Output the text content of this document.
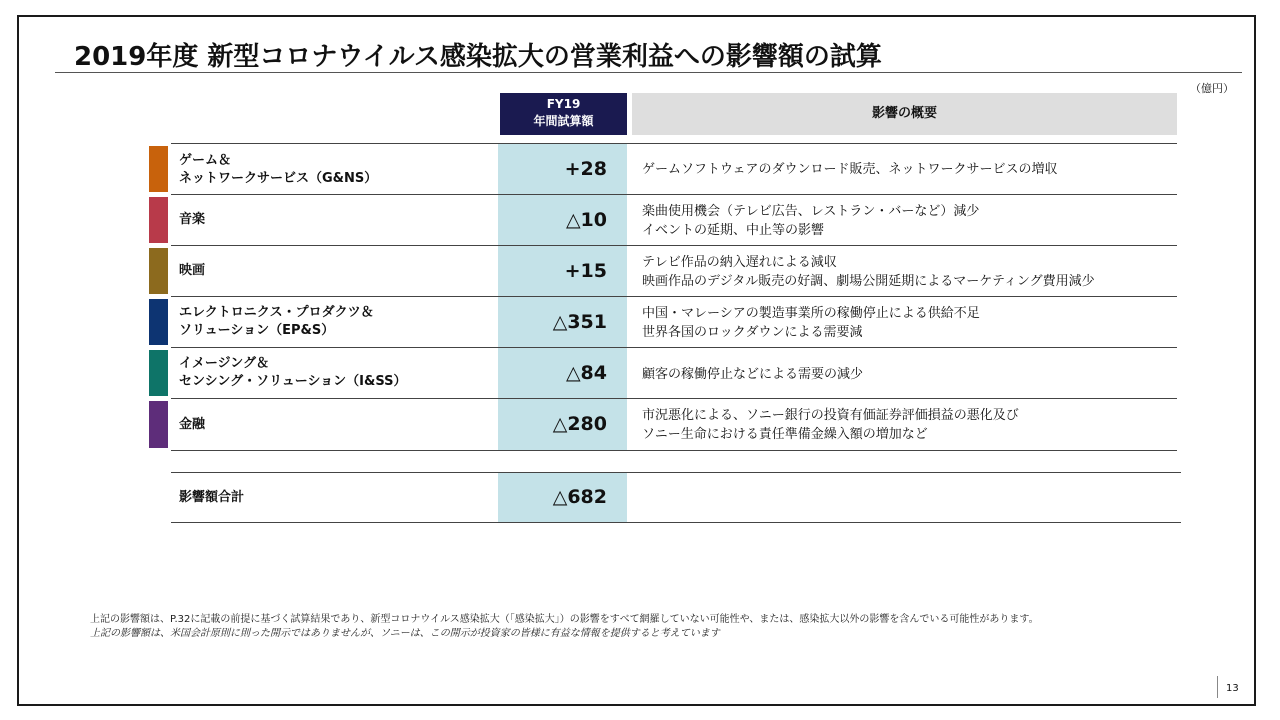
2019年度 新型コロナウイルス感染拡大の営業利益への影響額の試算
（億円）
FY19
年間試算額	影響の概要
ゲーム＆
ネットワークサービス（G&NS）	+28	ゲームソフトウェアのダウンロード販売、ネットワークサービスの増収
音楽	△10	楽曲使用機会（テレビ広告、レストラン・バーなど）減少
イベントの延期、中止等の影響
映画	+15	テレビ作品の納入遅れによる減収
映画作品のデジタル販売の好調、劇場公開延期によるマーケティング費用減少
エレクトロニクス・プロダクツ＆
ソリューション（EP&S）	△351	中国・マレーシアの製造事業所の稼働停止による供給不足
世界各国のロックダウンによる需要減
イメージング＆
センシング・ソリューション（I&SS）	△84	顧客の稼働停止などによる需要の減少
金融	△280	市況悪化による、ソニー銀行の投資有価証券評価損益の悪化及び
ソニー生命における責任準備金繰入額の増加など
影響額合計	△682
上記の影響額は、P.32に記載の前提に基づく試算結果であり、新型コロナウイルス感染拡大（「感染拡大」）の影響をすべて網羅していない可能性や、または、感染拡大以外の影響を含んでいる可能性があります。
上記の影響額は、米国会計原則に則った開示ではありませんが、ソニーは、この開示が投資家の皆様に有益な情報を提供すると考えています
13
